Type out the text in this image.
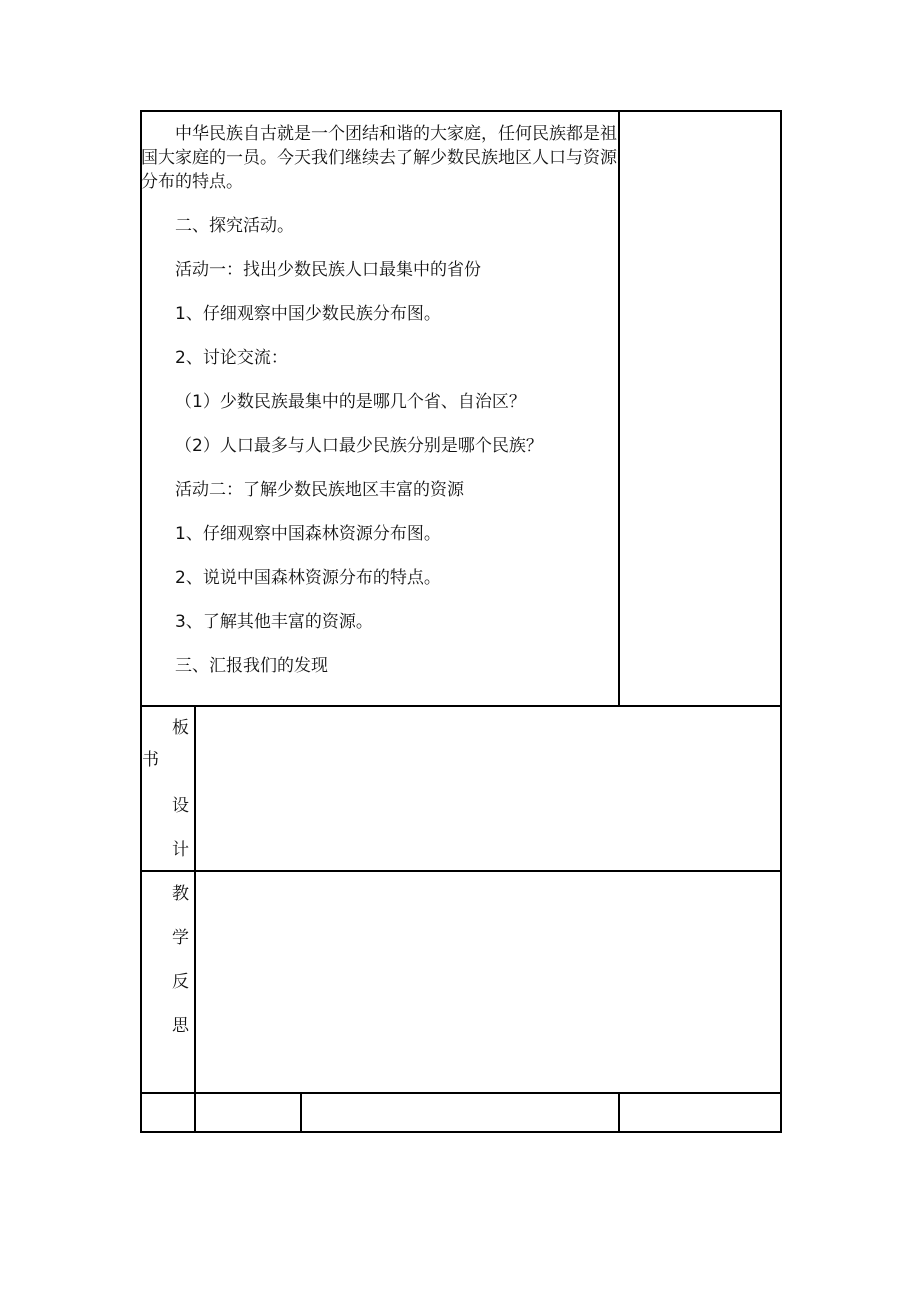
中华民族自古就是一个团结和谐的大家庭，任何民族都是祖国大家庭的一员。今天我们继续去了解少数民族地区人口与资源分布的特点。

二、探究活动。

活动一：找出少数民族人口最集中的省份

1、仔细观察中国少数民族分布图。

2、讨论交流：

（1）少数民族最集中的是哪几个省、自治区？

（2）人口最多与人口最少民族分别是哪个民族？

活动二：了解少数民族地区丰富的资源

1、仔细观察中国森林资源分布图。

2、说说中国森林资源分布的特点。

3、了解其他丰富的资源。

三、汇报我们的发现

板
书
设
计
教
学
反
思
